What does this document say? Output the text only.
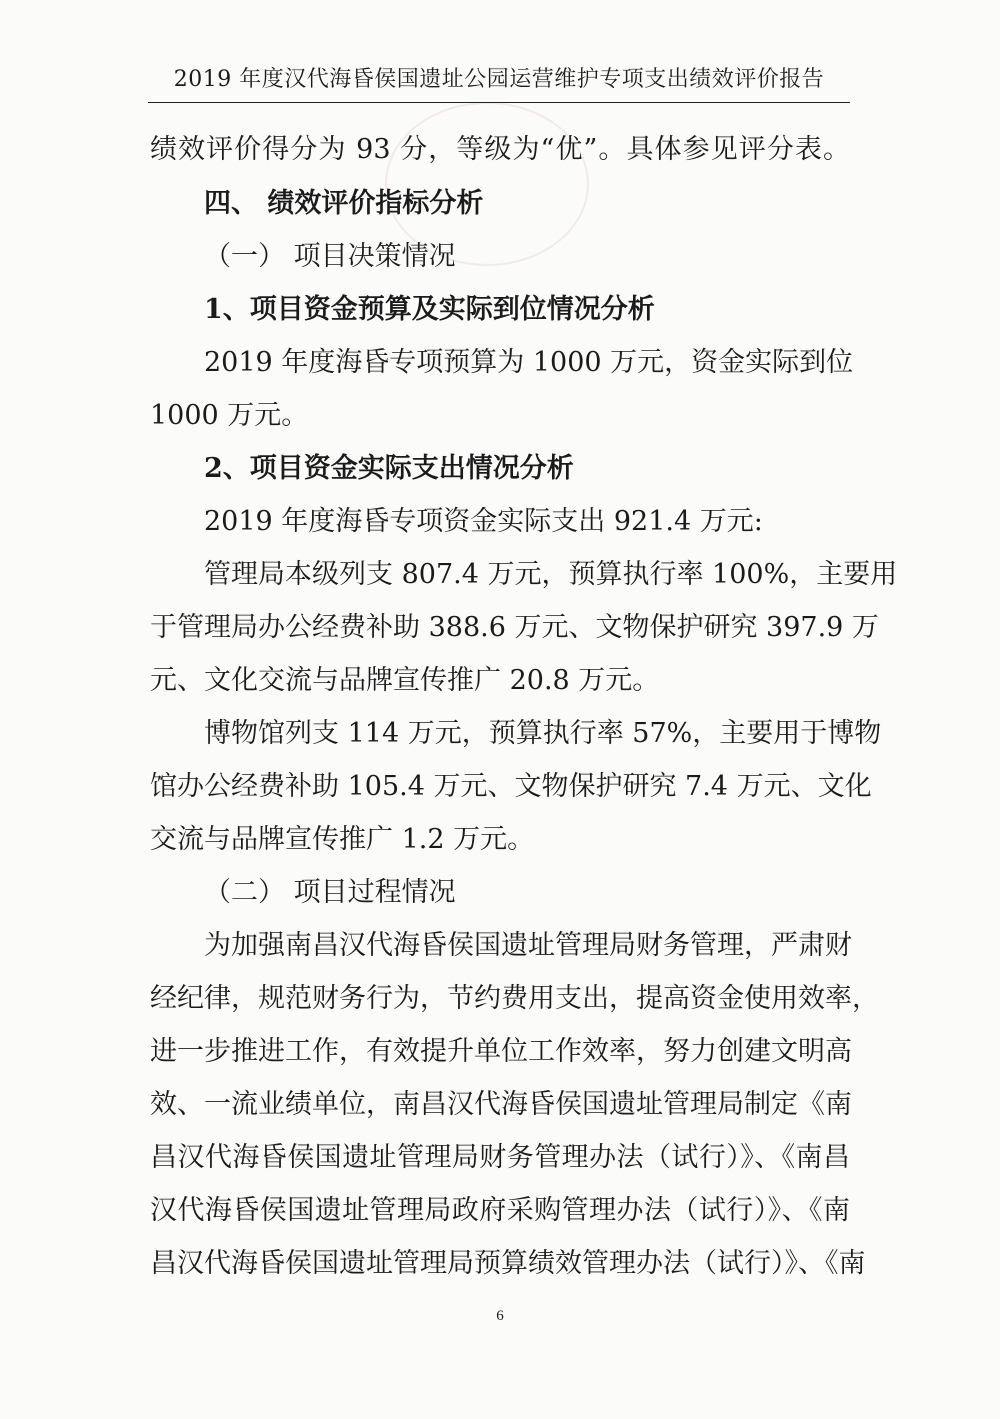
2019 年度汉代海昏侯国遗址公园运营维护专项支出绩效评价报告
绩效评价得分为 93 分，等级为“优”。具体参见评分表。
四、 绩效评价指标分析
（一） 项目决策情况
1、项目资金预算及实际到位情况分析
2019 年度海昏专项预算为 1000 万元，资金实际到位
1000 万元。
2、项目资金实际支出情况分析
2019 年度海昏专项资金实际支出 921.4 万元:
管理局本级列支 807.4 万元，预算执行率 100%，主要用
于管理局办公经费补助 388.6 万元、文物保护研究 397.9 万
元、文化交流与品牌宣传推广 20.8 万元。
博物馆列支 114 万元，预算执行率 57%，主要用于博物
馆办公经费补助 105.4 万元、文物保护研究 7.4 万元、文化
交流与品牌宣传推广 1.2 万元。
（二） 项目过程情况
为加强南昌汉代海昏侯国遗址管理局财务管理，严肃财
经纪律，规范财务行为，节约费用支出，提高资金使用效率，
进一步推进工作，有效提升单位工作效率，努力创建文明高
效、一流业绩单位，南昌汉代海昏侯国遗址管理局制定《南
昌汉代海昏侯国遗址管理局财务管理办法（试行）》、《南昌
汉代海昏侯国遗址管理局政府采购管理办法（试行）》、《南
昌汉代海昏侯国遗址管理局预算绩效管理办法（试行）》、《南
6
